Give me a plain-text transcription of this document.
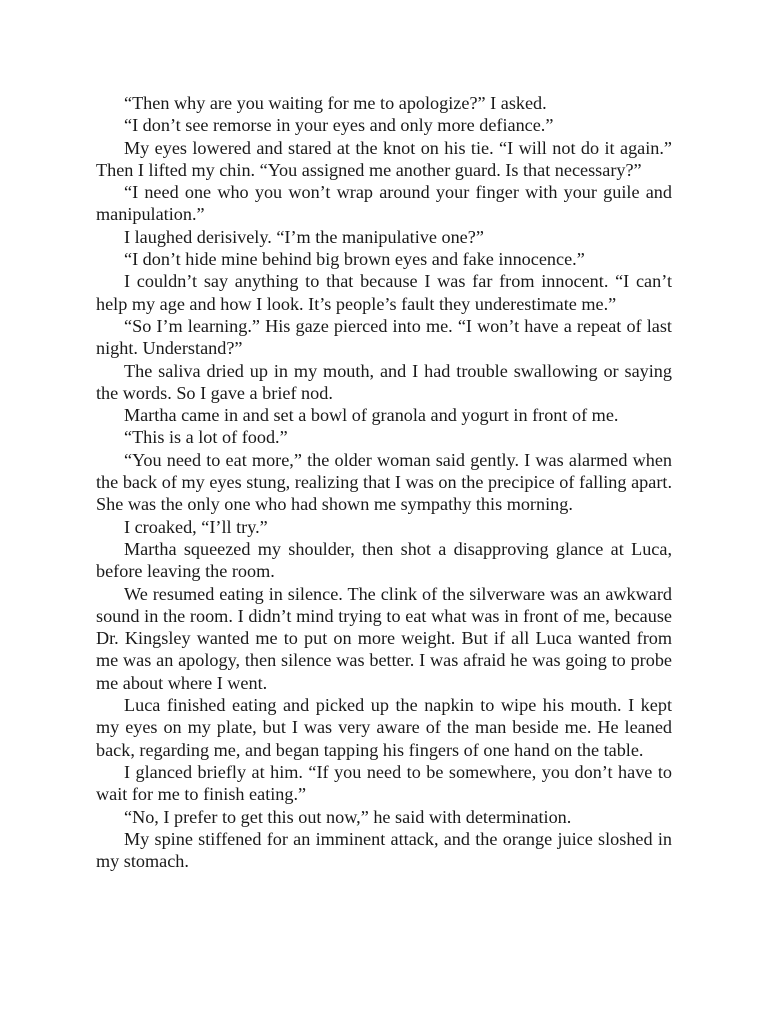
“Then why are you waiting for me to apologize?” I asked.

“I don’t see remorse in your eyes and only more defiance.”

My eyes lowered and stared at the knot on his tie. “I will not do it again.” Then I lifted my chin. “You assigned me another guard. Is that necessary?”

“I need one who you won’t wrap around your finger with your guile and manipulation.”

I laughed derisively. “I’m the manipulative one?”

“I don’t hide mine behind big brown eyes and fake innocence.”

I couldn’t say anything to that because I was far from innocent. “I can’t help my age and how I look. It’s people’s fault they underestimate me.”

“So I’m learning.” His gaze pierced into me. “I won’t have a repeat of last night. Understand?”

The saliva dried up in my mouth, and I had trouble swallowing or saying the words. So I gave a brief nod.

Martha came in and set a bowl of granola and yogurt in front of me.

“This is a lot of food.”

“You need to eat more,” the older woman said gently. I was alarmed when the back of my eyes stung, realizing that I was on the precipice of falling apart. She was the only one who had shown me sympathy this morning.

I croaked, “I’ll try.”

Martha squeezed my shoulder, then shot a disapproving glance at Luca, before leaving the room.

We resumed eating in silence. The clink of the silverware was an awkward sound in the room. I didn’t mind trying to eat what was in front of me, because Dr. Kingsley wanted me to put on more weight. But if all Luca wanted from me was an apology, then silence was better. I was afraid he was going to probe me about where I went.

Luca finished eating and picked up the napkin to wipe his mouth. I kept my eyes on my plate, but I was very aware of the man beside me. He leaned back, regarding me, and began tapping his fingers of one hand on the table.

I glanced briefly at him. “If you need to be somewhere, you don’t have to wait for me to finish eating.”

“No, I prefer to get this out now,” he said with determination.

My spine stiffened for an imminent attack, and the orange juice sloshed in my stomach.
